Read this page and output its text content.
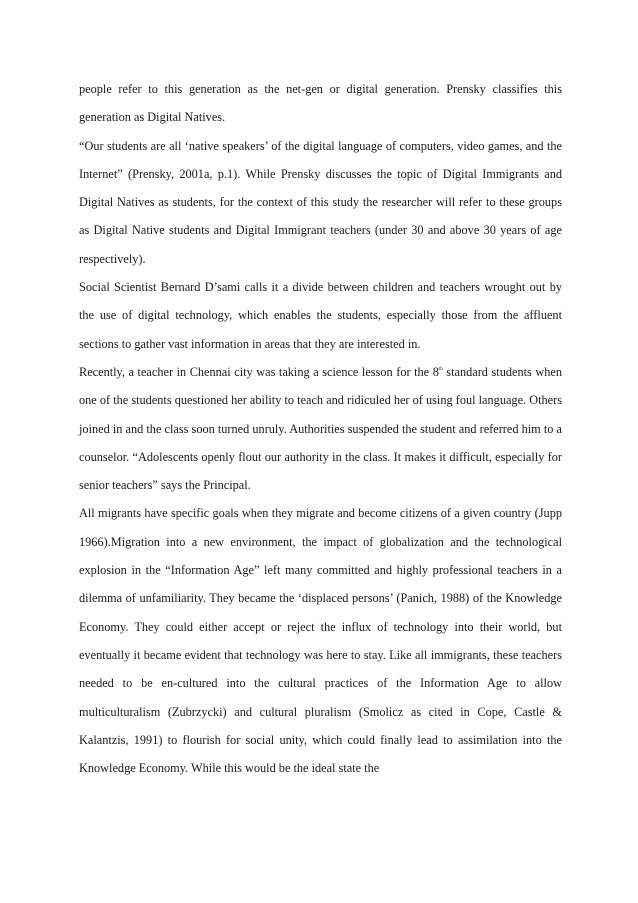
people refer to this generation as the net-gen or digital generation. Prensky classifies this generation as Digital Natives.

“Our students are all ‘native speakers’ of the digital language of computers, video games, and the Internet” (Prensky, 2001a, p.1). While Prensky discusses the topic of Digital Immigrants and Digital Natives as students, for the context of this study the researcher will refer to these groups as Digital Native students and Digital Immigrant teachers (under 30 and above 30 years of age respectively).

Social Scientist Bernard D’sami calls it a divide between children and teachers wrought out by the use of digital technology, which enables the students, especially those from the affluent sections to gather vast information in areas that they are interested in.

Recently, a teacher in Chennai city was taking a science lesson for the 8th standard students when one of the students questioned her ability to teach and ridiculed her of using foul language. Others joined in and the class soon turned unruly. Authorities suspended the student and referred him to a counselor. “Adolescents openly flout our authority in the class. It makes it difficult, especially for senior teachers” says the Principal.

All migrants have specific goals when they migrate and become citizens of a given country (Jupp 1966).Migration into a new environment, the impact of globalization and the technological explosion in the “Information Age” left many committed and highly professional teachers in a dilemma of unfamiliarity. They became the ‘displaced persons’ (Panich, 1988) of the Knowledge Economy. They could either accept or reject the influx of technology into their world, but eventually it became evident that technology was here to stay. Like all immigrants, these teachers needed to be en-cultured into the cultural practices of the Information Age to allow multiculturalism (Zubrzycki) and cultural pluralism (Smolicz as cited in Cope, Castle & Kalantzis, 1991) to flourish for social unity, which could finally lead to assimilation into the Knowledge Economy. While this would be the ideal state the
